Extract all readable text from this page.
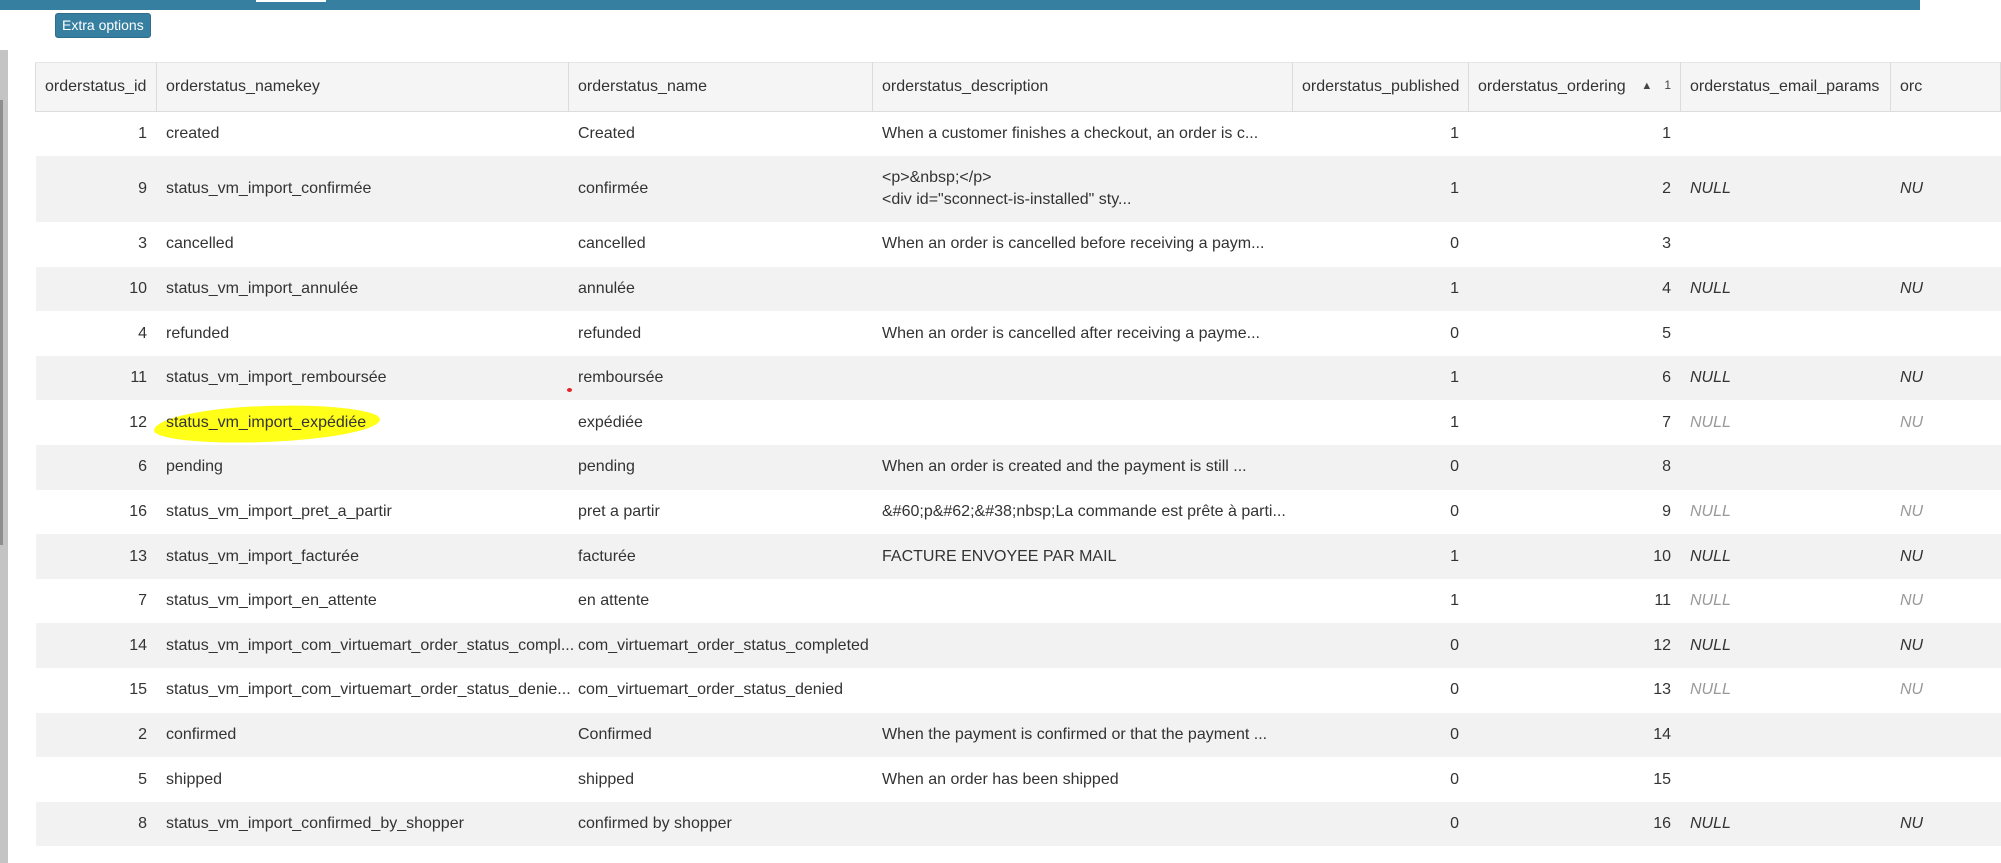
Extra options
orderstatus_id	orderstatus_namekey	orderstatus_name	orderstatus_description	orderstatus_published	orderstatus_ordering ▲ 1	orderstatus_email_params	orc
1	created	Created	When a customer finishes a checkout, an order is c...	1	1		
9	status_vm_import_confirmée	confirmée	<p>&nbsp;</p>
<div id="sconnect-is-installed" sty...	1	2	NULL	NU
3	cancelled	cancelled	When an order is cancelled before receiving a paym...	0	3		
10	status_vm_import_annulée	annulée		1	4	NULL	NU
4	refunded	refunded	When an order is cancelled after receiving a payme...	0	5		
11	status_vm_import_remboursée	remboursée		1	6	NULL	NU
12	status_vm_import_expédiée	expédiée		1	7	NULL	NU
6	pending	pending	When an order is created and the payment is still ...	0	8		
16	status_vm_import_pret_a_partir	pret a partir	&#60;p&#62;&#38;nbsp;La commande est prête à parti...	0	9	NULL	NU
13	status_vm_import_facturée	facturée	FACTURE ENVOYEE PAR MAIL	1	10	NULL	NU
7	status_vm_import_en_attente	en attente		1	11	NULL	NU
14	status_vm_import_com_virtuemart_order_status_compl...	com_virtuemart_order_status_completed		0	12	NULL	NU
15	status_vm_import_com_virtuemart_order_status_denie...	com_virtuemart_order_status_denied		0	13	NULL	NU
2	confirmed	Confirmed	When the payment is confirmed or that the payment ...	0	14		
5	shipped	shipped	When an order has been shipped	0	15		
8	status_vm_import_confirmed_by_shopper	confirmed by shopper		0	16	NULL	NU
